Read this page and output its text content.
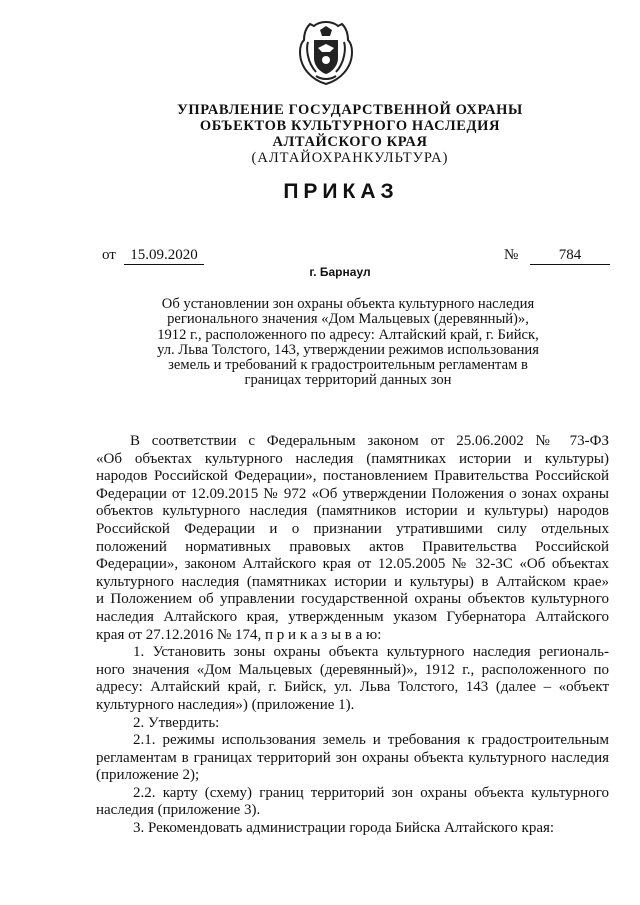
УПРАВЛЕНИЕ ГОСУДАРСТВЕННОЙ ОХРАНЫ
ОБЪЕКТОВ КУЛЬТУРНОГО НАСЛЕДИЯ
АЛТАЙСКОГО КРАЯ
(АЛТАЙОХРАНКУЛЬТУРА)
ПРИКАЗ
от 15.09.2020	№	784
г. Барнаул
Об установлении зон охраны объекта культурного наследия
регионального значения «Дом Мальцевых (деревянный)»,
1912 г., расположенного по адресу: Алтайский край, г. Бийск,
ул. Льва Толстого, 143, утверждении режимов использования
земель и требований к градостроительным регламентам в
границах территорий данных зон
В соответствии с Федеральным законом от 25.06.2002 № 73-ФЗ
«Об объектах культурного наследия (памятниках истории и культуры)
народов Российской Федерации», постановлением Правительства Российской
Федерации от 12.09.2015 № 972 «Об утверждении Положения о зонах охраны
объектов культурного наследия (памятников истории и культуры) народов
Российской Федерации и о признании утратившими силу отдельных
положений нормативных правовых актов Правительства Российской
Федерации», законом Алтайского края от 12.05.2005 № 32-ЗС «Об объектах
культурного наследия (памятниках истории и культуры) в Алтайском крае»
и Положением об управлении государственной охраны объектов культурного
наследия Алтайского края, утвержденным указом Губернатора Алтайского
края от 27.12.2016 № 174, п р и к а з ы в а ю:
1. Установить зоны охраны объекта культурного наследия региональ-
ного значения «Дом Мальцевых (деревянный)», 1912 г., расположенного по
адресу: Алтайский край, г. Бийск, ул. Льва Толстого, 143 (далее – «объект
культурного наследия») (приложение 1).
2. Утвердить:
2.1. режимы использования земель и требования к градостроительным
регламентам в границах территорий зон охраны объекта культурного наследия
(приложение 2);
2.2. карту (схему) границ территорий зон охраны объекта культурного
наследия (приложение 3).
3. Рекомендовать администрации города Бийска Алтайского края:
